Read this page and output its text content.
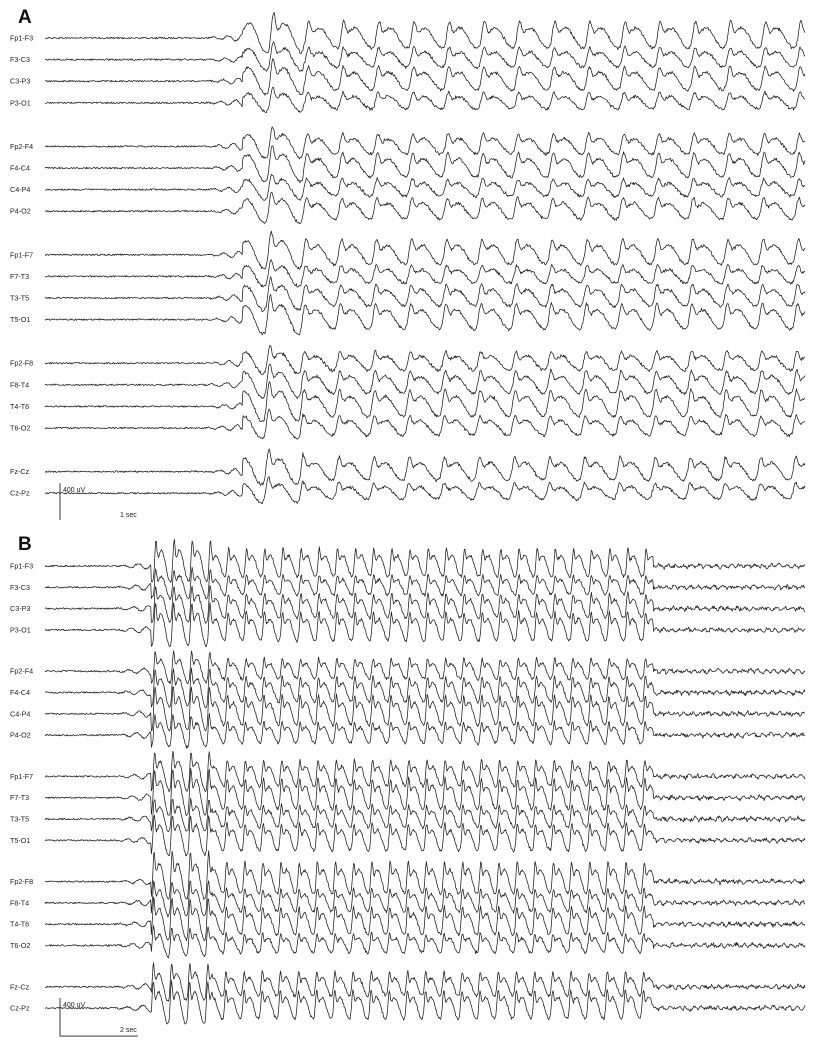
A
Fp1-F3
F3-C3
C3-P3
P3-O1
Fp2-F4
F4-C4
C4-P4
P4-O2
Fp1-F7
F7-T3
T3-T5
T5-O1
Fp2-F8
F8-T4
T4-T6
T6-O2
Fz-Cz
Cz-Pz	400 uV
1 sec
B
Fp1-F3
F3-C3
C3-P3
P3-O1
Fp2-F4
F4-C4
C4-P4
P4-O2
Fp1-F7
F7-T3
T3-T5
T5-O1
Fp2-F8
F8-T4
T4-T6
T6-O2
Fz-Cz
Cz-Pz	400 uV
2 sec
